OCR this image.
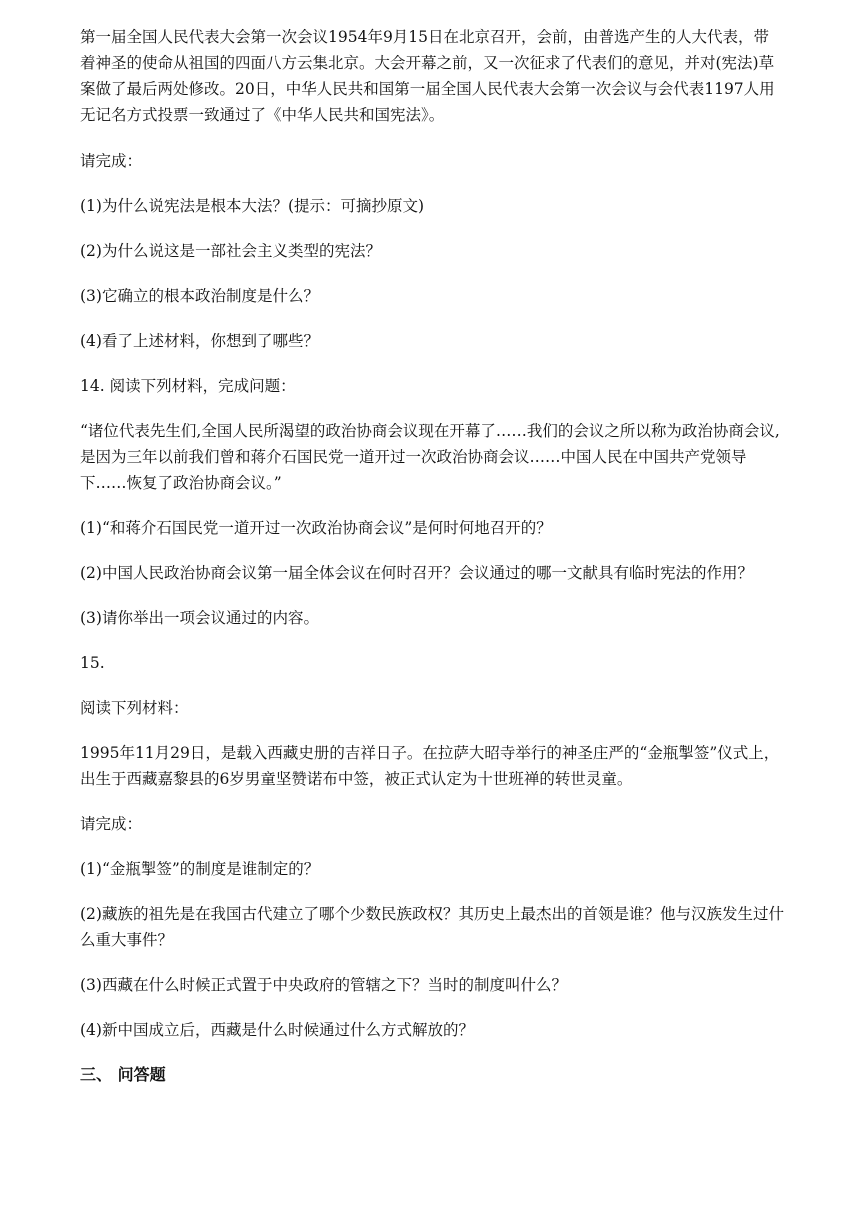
第一届全国人民代表大会第一次会议1954年9月15日在北京召开，会前，由普选产生的人大代表，带着神圣的使命从祖国的四面八方云集北京。大会开幕之前，又一次征求了代表们的意见，并对(宪法)草案做了最后两处修改。20日，中华人民共和国第一届全国人民代表大会第一次会议与会代表1197人用无记名方式投票一致通过了《中华人民共和国宪法》。

请完成：

(1)为什么说宪法是根本大法？(提示：可摘抄原文)

(2)为什么说这是一部社会主义类型的宪法？

(3)它确立的根本政治制度是什么？

(4)看了上述材料，你想到了哪些？

14. 阅读下列材料，完成问题：

“诸位代表先生们,全国人民所渴望的政治协商会议现在开幕了……我们的会议之所以称为政治协商会议,是因为三年以前我们曾和蒋介石国民党一道开过一次政治协商会议……中国人民在中国共产党领导下……恢复了政治协商会议。”

(1)“和蒋介石国民党一道开过一次政治协商会议”是何时何地召开的？

(2)中国人民政治协商会议第一届全体会议在何时召开？会议通过的哪一文献具有临时宪法的作用？

(3)请你举出一项会议通过的内容。

15.

阅读下列材料：

1995年11月29日，是载入西藏史册的吉祥日子。在拉萨大昭寺举行的神圣庄严的“金瓶掣签”仪式上，出生于西藏嘉黎县的6岁男童坚赞诺布中签，被正式认定为十世班禅的转世灵童。

请完成：

(1)“金瓶掣签”的制度是谁制定的？

(2)藏族的祖先是在我国古代建立了哪个少数民族政权？其历史上最杰出的首领是谁？他与汉族发生过什么重大事件？

(3)西藏在什么时候正式置于中央政府的管辖之下？当时的制度叫什么？

(4)新中国成立后，西藏是什么时候通过什么方式解放的？

三、 问答题
